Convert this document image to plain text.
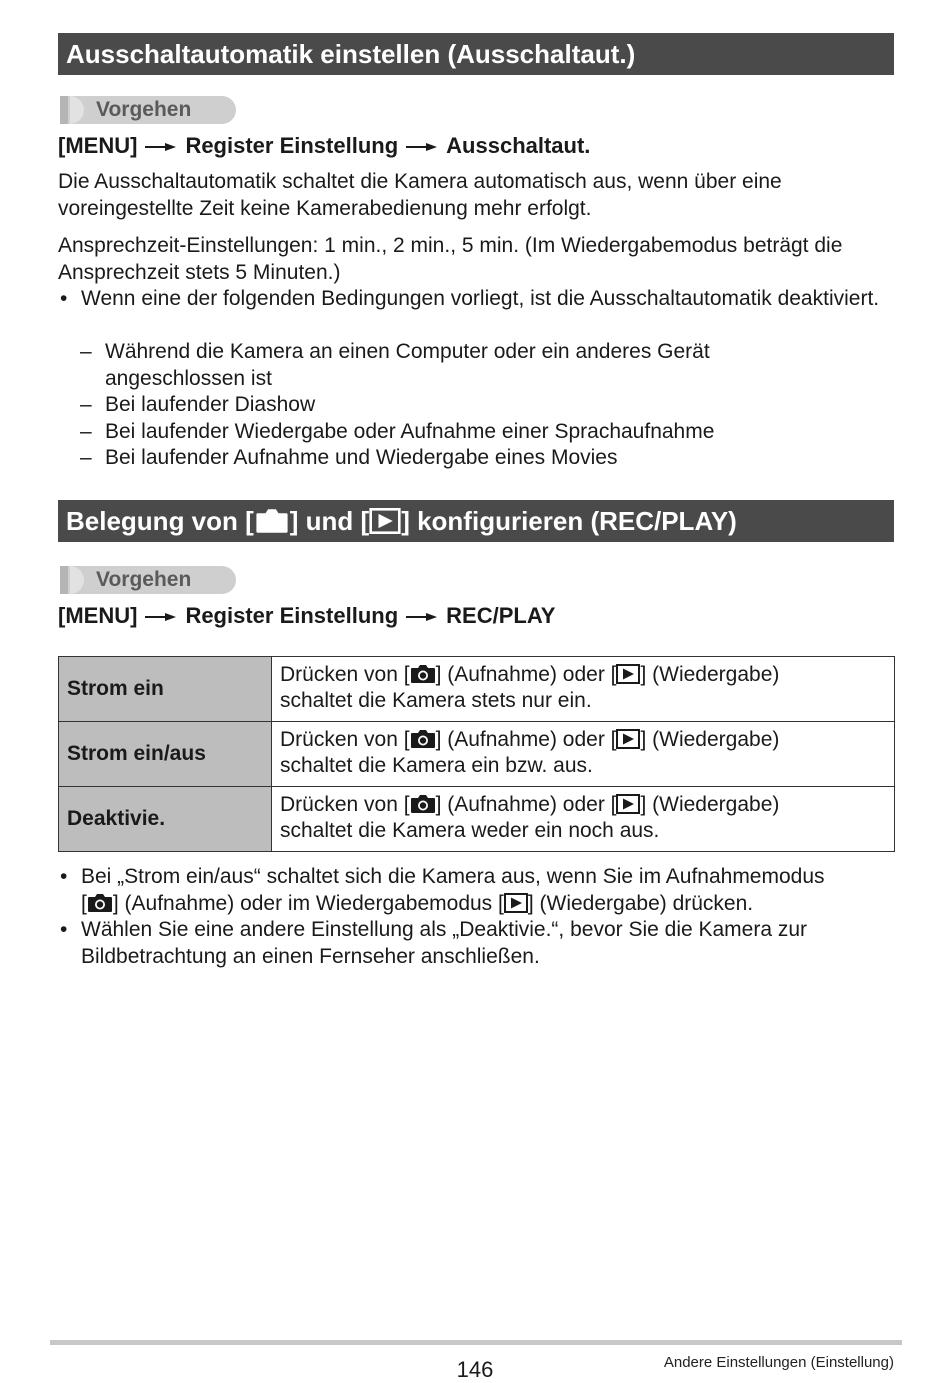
Ausschaltautomatik einstellen (Ausschaltaut.)
Vorgehen
[MENU] Register Einstellung Ausschaltaut.

Die Ausschaltautomatik schaltet die Kamera automatisch aus, wenn über eine voreingestellte Zeit keine Kamerabedienung mehr erfolgt.

Ansprechzeit-Einstellungen: 1 min., 2 min., 5 min. (Im Wiedergabemodus beträgt die Ansprechzeit stets 5 Minuten.)

• Wenn eine der folgenden Bedingungen vorliegt, ist die Ausschaltautomatik deaktiviert.
– Während die Kamera an einen Computer oder ein anderes Gerät angeschlossen ist
– Bei laufender Diashow
– Bei laufender Wiedergabe oder Aufnahme einer Sprachaufnahme
– Bei laufender Aufnahme und Wiedergabe eines Movies
Belegung von [ ] und [ ] konfigurieren (REC/PLAY)
Vorgehen
[MENU] Register Einstellung REC/PLAY
Strom ein	Drücken von [ ] (Aufnahme) oder [ ] (Wiedergabe)
schaltet die Kamera stets nur ein.
Strom ein/aus	Drücken von [ ] (Aufnahme) oder [ ] (Wiedergabe)
schaltet die Kamera ein bzw. aus.
Deaktivie.	Drücken von [ ] (Aufnahme) oder [ ] (Wiedergabe)
schaltet die Kamera weder ein noch aus.
• Bei „Strom ein/aus“ schaltet sich die Kamera aus, wenn Sie im Aufnahmemodus
[ ] (Aufnahme) oder im Wiedergabemodus [ ] (Wiedergabe) drücken.
• Wählen Sie eine andere Einstellung als „Deaktivie.“, bevor Sie die Kamera zur Bildbetrachtung an einen Fernseher anschließen.
146	Andere Einstellungen (Einstellung)
